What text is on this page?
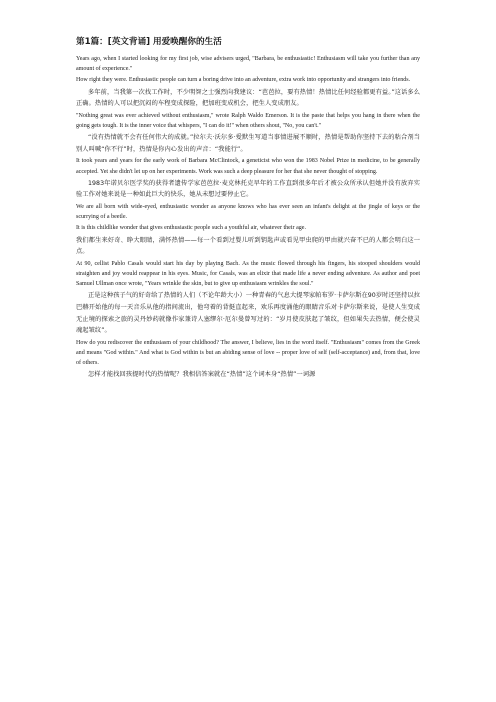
第1篇：[英文背诵] 用爱唤醒你的生活
Years ago, when I started looking for my first job, wise advisers urged, "Barbara, be enthusiastic! Enthusiasm will take you further than any amount of experience."
How right they were. Enthusiastic people can turn a boring drive into an adventure, extra work into opportunity and strangers into friends.
多年前，当我第一次找工作时，不少明智之士强烈向我建议：“芭芭拉，要有热情！热情比任何经验都更有益。”这话多么正确。热情的人可以把沉闷的车程变成探险，把加班变成机会，把生人变成朋友。
"Nothing great was ever achieved without enthusiasm," wrote Ralph Waldo Emerson. It is the paste that helps you hang in there when the going gets tough. It is the inner voice that whispers, "I can do it!" when others shout, "No, you can't."
“没有热情就不会有任何伟大的成就。”拉尔夫·沃尔多·爱默生写道当事情进展不顺时，热情是帮助你坚持下去的粘合剂当别人叫喊“你不行”时，热情是你内心发出的声音：“我能行”。
It took years and years for the early work of Barbara McClintock, a geneticist who won the 1983 Nobel Prize in medicine, to be generally accepted. Yet she didn't let up on her experiments. Work was such a deep pleasure for her that she never thought of stopping.
1983年诺贝尔医学奖的获得者遗传学家芭芭拉·麦克林托克早年的工作直到很多年后才被公众所承认但她并没有放弃实验工作对她来说是一种如此巨大的快乐，她从未想过要停止它。
We are all born with wide-eyed, enthusiastic wonder as anyone knows who has ever seen an infant's delight at the jingle of keys or the scurrying of a beetle.
It is this childlike wonder that gives enthusiastic people such a youthful air, whatever their age.
我们都生来好奇、睁大眼睛，满怀热情——每一个看到过婴儿听到钥匙声或看见甲虫爬的甲由就兴奋不已的人都会明白这一点。
At 90, cellist Pablo Casals would start his day by playing Bach. As the music flowed through his fingers, his stooped shoulders would straighten and joy would reappear in his eyes. Music, for Casals, was an elixir that made life a never ending adventure. As author and poet Samuel Ullman once wrote, "Years wrinkle the skin, but to give up enthusiasm wrinkles the soul."
正是这种孩子气的好奇给了热情的人们（不论年龄大小）一种青春的气息大提琴家帕布罗·卡萨尔斯在90岁时还坚持以拉巴赫开始他的每一天音乐从他的指间流出，他弯着的背挺直起来，欢乐再度涌他的眼睛音乐对卡萨尔斯来说，是使人生变成无止境的探索之旅的灵丹妙药就像作家兼诗人塞缪尔·厄尔曼曾写过的：“岁月使皮肤起了皱纹，但如果失去热情，便会使灵魂起皱纹”。
How do you rediscover the enthusiasm of your childhood? The answer, I believe, lies in the word itself. "Enthusiasm" comes from the Greek and means "God within." And what is God within is but an abiding sense of love -- proper love of self (self-acceptance) and, from that, love of others.
怎样才能找回孩提时代的热情呢？我相信答案就在“热情”这个词本身“热情”一词源
